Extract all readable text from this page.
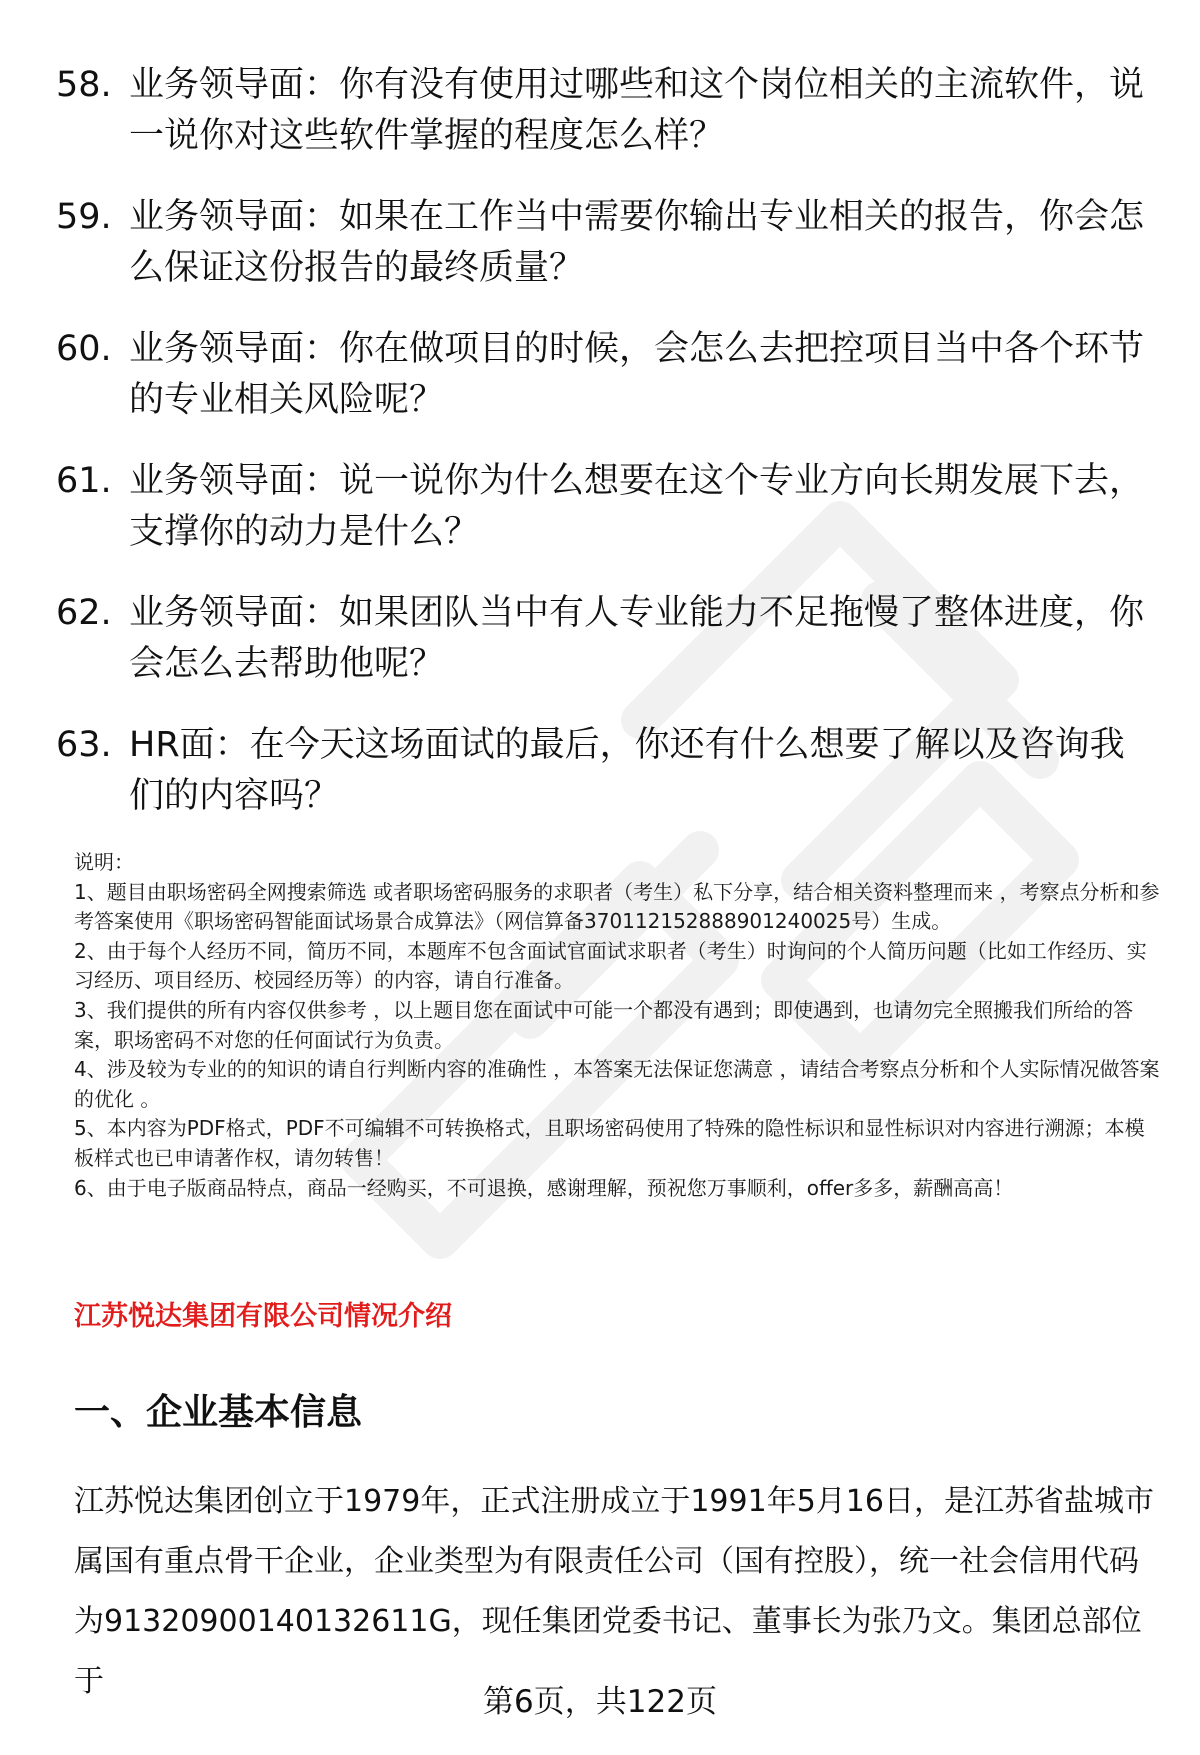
58. 业务领导面：你有没有使用过哪些和这个岗位相关的主流软件，说一说你对这些软件掌握的程度怎么样？
59. 业务领导面：如果在工作当中需要你输出专业相关的报告，你会怎么保证这份报告的最终质量？
60. 业务领导面：你在做项目的时候，会怎么去把控项目当中各个环节的专业相关风险呢？
61. 业务领导面：说一说你为什么想要在这个专业方向长期发展下去，支撑你的动力是什么？
62. 业务领导面：如果团队当中有人专业能力不足拖慢了整体进度，你会怎么去帮助他呢？
63. HR面：在今天这场面试的最后，你还有什么想要了解以及咨询我们的内容吗？

说明：

1、题目由职场密码全网搜索筛选 或者职场密码服务的求职者（考生）私下分享，结合相关资料整理而来 ，考察点分析和参考答案使用《职场密码智能面试场景合成算法》（网信算备370112152888901240025号）生成。

2、由于每个人经历不同，简历不同，本题库不包含面试官面试求职者（考生）时询问的个人简历问题（比如工作经历、实习经历、项目经历、校园经历等）的内容，请自行准备。

3、我们提供的所有内容仅供参考 ，以上题目您在面试中可能一个都没有遇到；即使遇到，也请勿完全照搬我们所给的答案，职场密码不对您的任何面试行为负责。

4、涉及较为专业的的知识的请自行判断内容的准确性 ，本答案无法保证您满意 ，请结合考察点分析和个人实际情况做答案的优化 。

5、本内容为PDF格式，PDF不可编辑不可转换格式，且职场密码使用了特殊的隐性标识和显性标识对内容进行溯源；本模板样式也已申请著作权，请勿转售！

6、由于电子版商品特点，商品一经购买，不可退换，感谢理解，预祝您万事顺利，offer多多，薪酬高高！

江苏悦达集团有限公司情况介绍
一、企业基本信息

江苏悦达集团创立于1979年，正式注册成立于1991年5月16日，是江苏省盐城市属国有重点骨干企业，企业类型为有限责任公司（国有控股），统一社会信用代码为913209001401326​11G，现任集团党委书记、董事长为张乃文。集团总部位于

第6页，共122页
